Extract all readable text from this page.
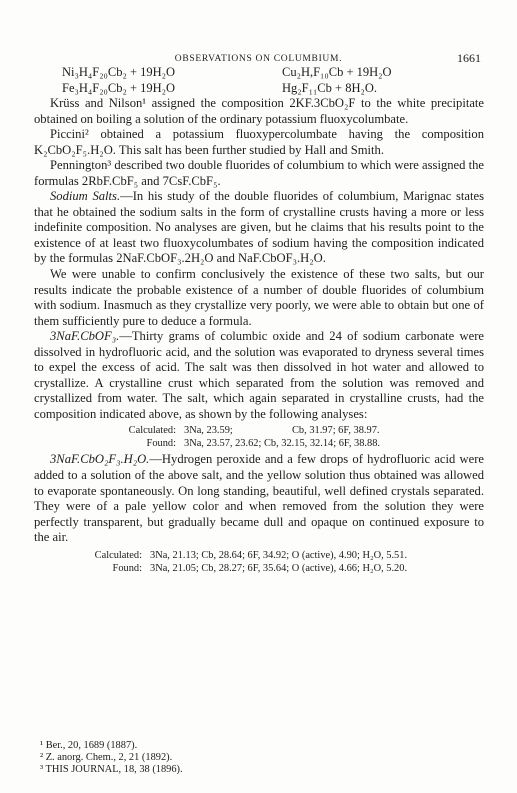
OBSERVATIONS ON COLUMBIUM.	1661
Ni₃H₄F₂₀Cb₂ + 19H₂O	Cu₂H,F₁₀Cb + 19H₂O
Fe₃H₄F₂₀Cb₂ + 19H₂O	Hg₂F₁₁Cb + 8H₂O.

Krüss and Nilson¹ assigned the composition 2KF.3CbO₂F to the white precipitate obtained on boiling a solution of the ordinary potassium fluoxycolumbate.

Piccini² obtained a potassium fluoxypercolumbate having the composition K₂CbO₂F₅.H₂O. This salt has been further studied by Hall and Smith.

Pennington³ described two double fluorides of columbium to which were assigned the formulas 2RbF.CbF₅ and 7CsF.CbF₅.

Sodium Salts.—In his study of the double fluorides of columbium, Marignac states that he obtained the sodium salts in the form of crystalline crusts having a more or less indefinite composition. No analyses are given, but he claims that his results point to the existence of at least two fluoxycolumbates of sodium having the composition indicated by the formulas 2NaF.CbOF₃.2H₂O and NaF.CbOF₃.H₂O.

We were unable to confirm conclusively the existence of these two salts, but our results indicate the probable existence of a number of double fluorides of columbium with sodium. Inasmuch as they crystallize very poorly, we were able to obtain but one of them sufficiently pure to deduce a formula.

3NaF.CbOF₃.—Thirty grams of columbic oxide and 24 of sodium carbonate were dissolved in hydrofluoric acid, and the solution was evaporated to dryness several times to expel the excess of acid. The salt was then dissolved in hot water and allowed to crystallize. A crystalline crust which separated from the solution was removed and crystallized from water. The salt, which again separated in crystalline crusts, had the composition indicated above, as shown by the following analyses:

Calculated: 3Na, 23.59;	Cb, 31.97; 6F, 38.97.
Found: 3Na, 23.57, 23.62; Cb, 32.15, 32.14; 6F, 38.88.

3NaF.CbO₂F₃.H₂O.—Hydrogen peroxide and a few drops of hydrofluoric acid were added to a solution of the above salt, and the yellow solution thus obtained was allowed to evaporate spontaneously. On long standing, beautiful, well defined crystals separated. They were of a pale yellow color and when removed from the solution they were perfectly transparent, but gradually became dull and opaque on continued exposure to the air.

Calculated: 3Na, 21.13; Cb, 28.64; 6F, 34.92; O (active), 4.90; H₂O, 5.51.
Found: 3Na, 21.05; Cb, 28.27; 6F, 35.64; O (active), 4.66; H₂O, 5.20.
¹ Ber., 20, 1689 (1887).
² Z. anorg. Chem., 2, 21 (1892).
³ THIS JOURNAL, 18, 38 (1896).
